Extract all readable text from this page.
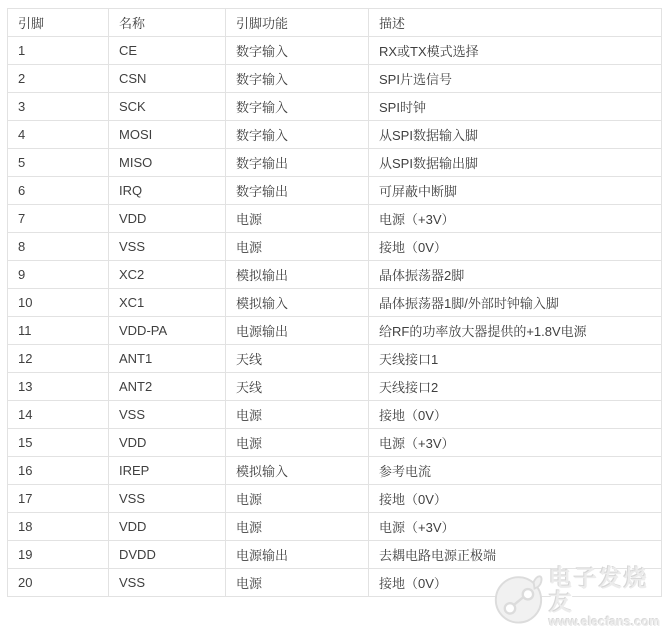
引脚	名称	引脚功能	描述
1	CE	数字输入	RX或TX模式选择
2	CSN	数字输入	SPI片选信号
3	SCK	数字输入	SPI时钟
4	MOSI	数字输入	从SPI数据输入脚
5	MISO	数字输出	从SPI数据输出脚
6	IRQ	数字输出	可屏蔽中断脚
7	VDD	电源	电源（+3V）
8	VSS	电源	接地（0V）
9	XC2	模拟输出	晶体振荡器2脚
10	XC1	模拟输入	晶体振荡器1脚/外部时钟输入脚
11	VDD-PA	电源输出	给RF的功率放大器提供的+1.8V电源
12	ANT1	天线	天线接口1
13	ANT2	天线	天线接口2
14	VSS	电源	接地（0V）
15	VDD	电源	电源（+3V）
16	IREP	模拟输入	参考电流
17	VSS	电源	接地（0V）
18	VDD	电源	电源（+3V）
19	DVDD	电源输出	去耦电路电源正极端
20	VSS	电源	接地（0V）	电子发烧友
www.elecfans.com
